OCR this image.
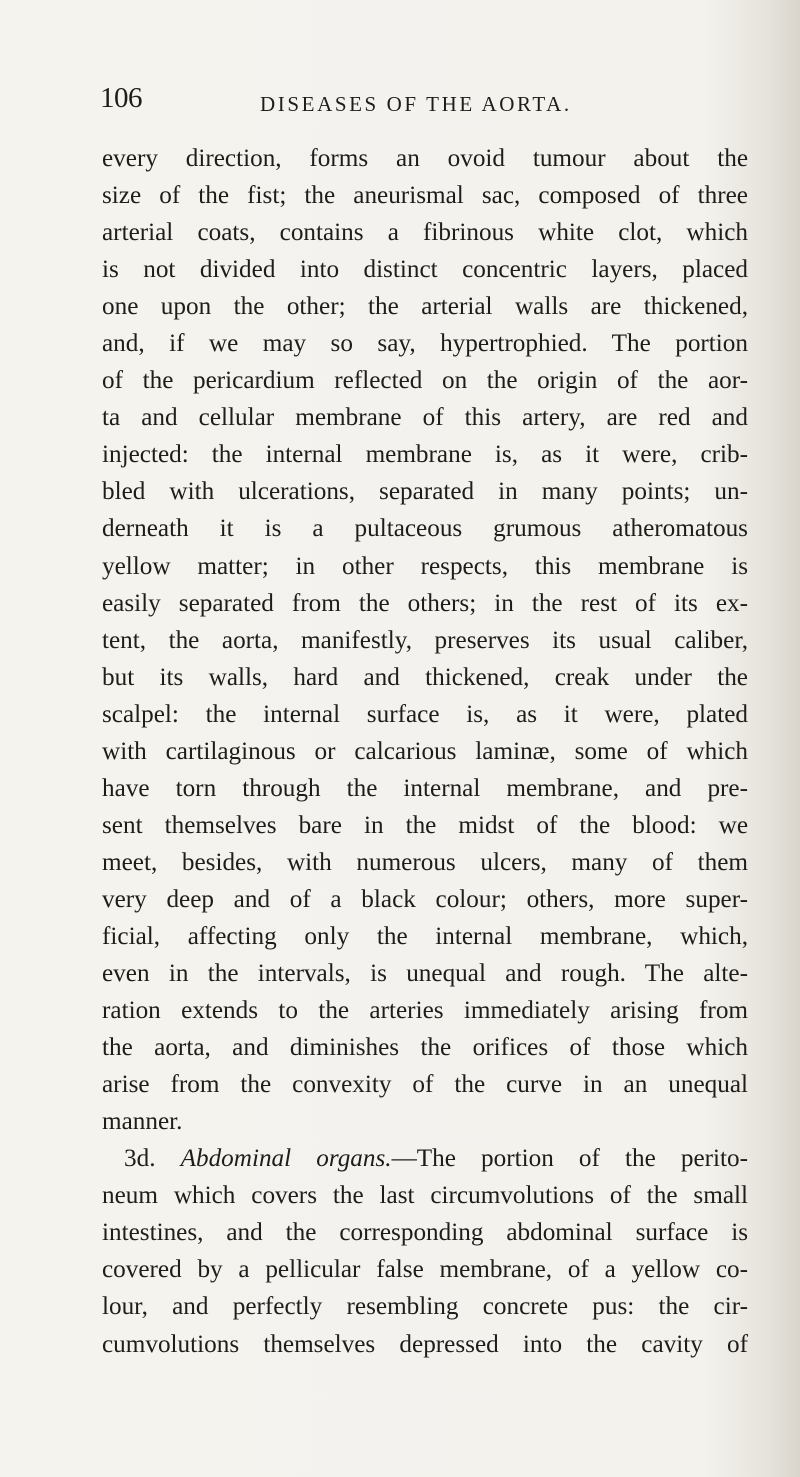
106	DISEASES OF THE AORTA.
every direction, forms an ovoid tumour about the
size of the fist; the aneurismal sac, composed of three
arterial coats, contains a fibrinous white clot, which
is not divided into distinct concentric layers, placed
one upon the other; the arterial walls are thickened,
and, if we may so say, hypertrophied. The portion
of the pericardium reflected on the origin of the aor-
ta and cellular membrane of this artery, are red and
injected: the internal membrane is, as it were, crib-
bled with ulcerations, separated in many points; un-
derneath it is a pultaceous grumous atheromatous
yellow matter; in other respects, this membrane is
easily separated from the others; in the rest of its ex-
tent, the aorta, manifestly, preserves its usual caliber,
but its walls, hard and thickened, creak under the
scalpel: the internal surface is, as it were, plated
with cartilaginous or calcarious laminæ, some of which
have torn through the internal membrane, and pre-
sent themselves bare in the midst of the blood: we
meet, besides, with numerous ulcers, many of them
very deep and of a black colour; others, more super-
ficial, affecting only the internal membrane, which,
even in the intervals, is unequal and rough. The alte-
ration extends to the arteries immediately arising from
the aorta, and diminishes the orifices of those which
arise from the convexity of the curve in an unequal
manner.
3d. Abdominal organs.—The portion of the perito-
neum which covers the last circumvolutions of the small
intestines, and the corresponding abdominal surface is
covered by a pellicular false membrane, of a yellow co-
lour, and perfectly resembling concrete pus: the cir-
cumvolutions themselves depressed into the cavity of
